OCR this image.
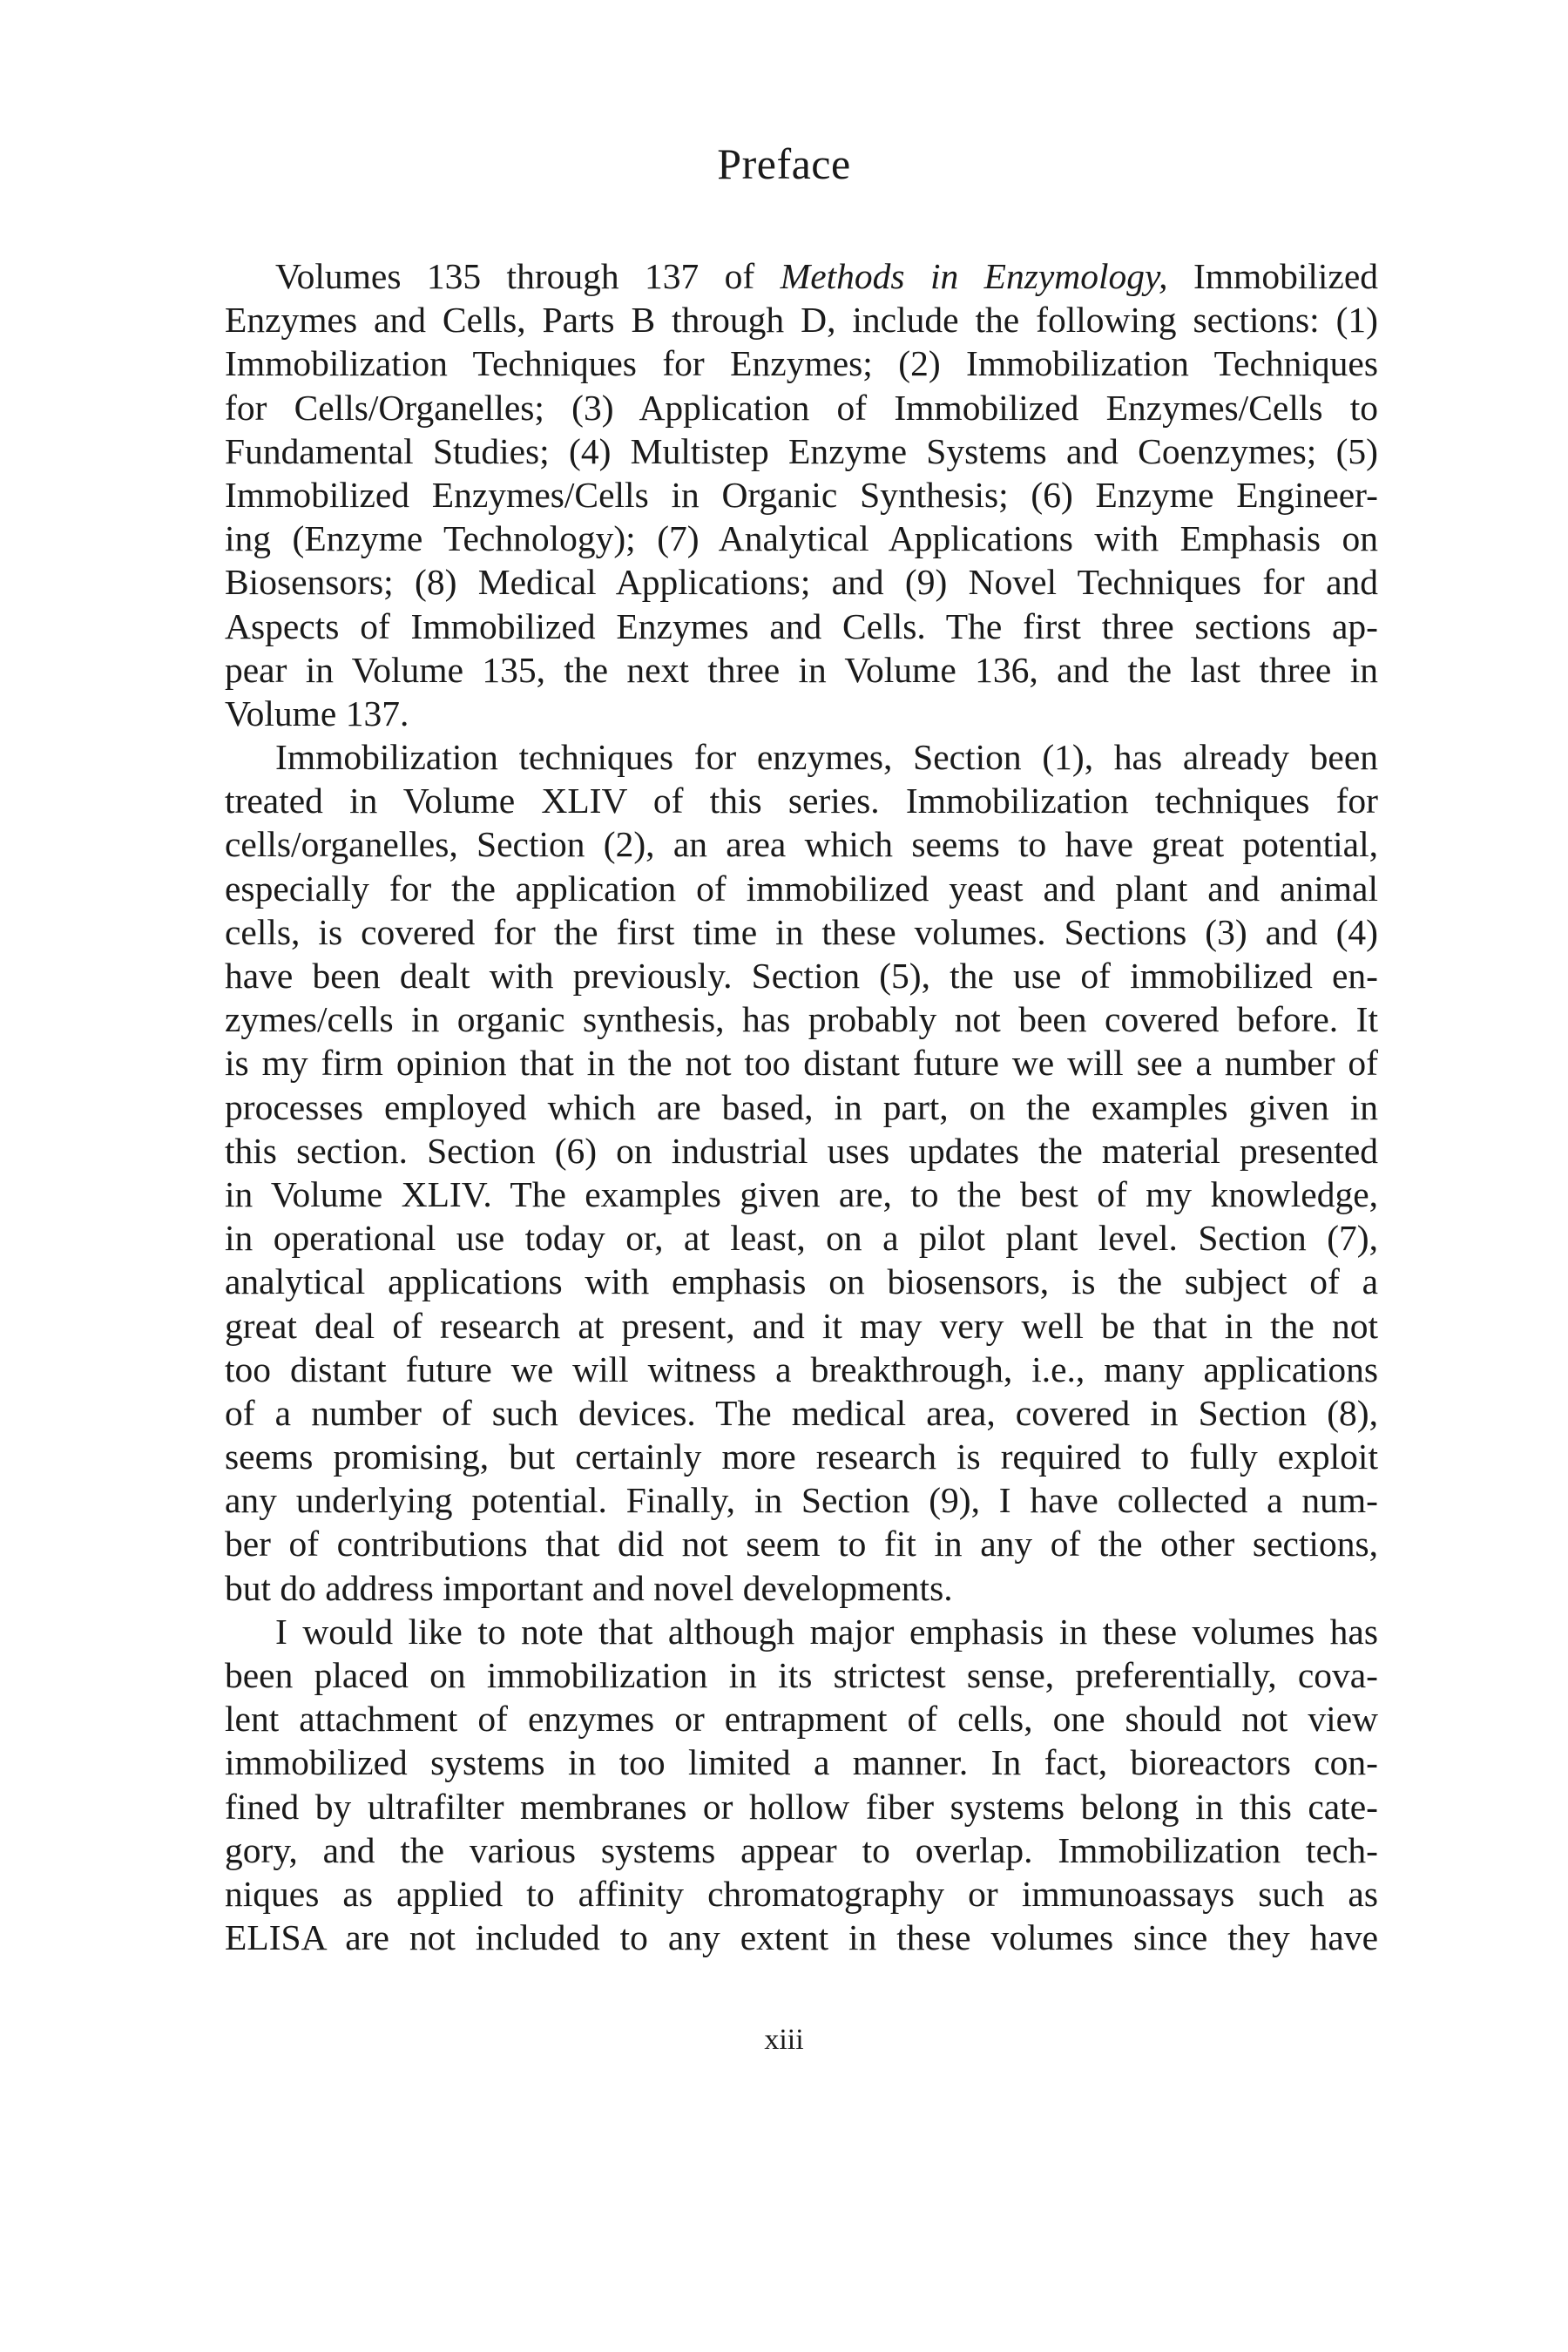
Preface
Volumes 135 through 137 of Methods in Enzymology, Immobilized
Enzymes and Cells, Parts B through D, include the following sections: (1)
Immobilization Techniques for Enzymes; (2) Immobilization Techniques
for Cells/Organelles; (3) Application of Immobilized Enzymes/Cells to
Fundamental Studies; (4) Multistep Enzyme Systems and Coenzymes; (5)
Immobilized Enzymes/Cells in Organic Synthesis; (6) Enzyme Engineer-
ing (Enzyme Technology); (7) Analytical Applications with Emphasis on
Biosensors; (8) Medical Applications; and (9) Novel Techniques for and
Aspects of Immobilized Enzymes and Cells. The first three sections ap-
pear in Volume 135, the next three in Volume 136, and the last three in
Volume 137.
Immobilization techniques for enzymes, Section (1), has already been
treated in Volume XLIV of this series. Immobilization techniques for
cells/organelles, Section (2), an area which seems to have great potential,
especially for the application of immobilized yeast and plant and animal
cells, is covered for the first time in these volumes. Sections (3) and (4)
have been dealt with previously. Section (5), the use of immobilized en-
zymes/cells in organic synthesis, has probably not been covered before. It
is my firm opinion that in the not too distant future we will see a number of
processes employed which are based, in part, on the examples given in
this section. Section (6) on industrial uses updates the material presented
in Volume XLIV. The examples given are, to the best of my knowledge,
in operational use today or, at least, on a pilot plant level. Section (7),
analytical applications with emphasis on biosensors, is the subject of a
great deal of research at present, and it may very well be that in the not
too distant future we will witness a breakthrough, i.e., many applications
of a number of such devices. The medical area, covered in Section (8),
seems promising, but certainly more research is required to fully exploit
any underlying potential. Finally, in Section (9), I have collected a num-
ber of contributions that did not seem to fit in any of the other sections,
but do address important and novel developments.
I would like to note that although major emphasis in these volumes has
been placed on immobilization in its strictest sense, preferentially, cova-
lent attachment of enzymes or entrapment of cells, one should not view
immobilized systems in too limited a manner. In fact, bioreactors con-
fined by ultrafilter membranes or hollow fiber systems belong in this cate-
gory, and the various systems appear to overlap. Immobilization tech-
niques as applied to affinity chromatography or immunoassays such as
ELISA are not included to any extent in these volumes since they have
xiii
